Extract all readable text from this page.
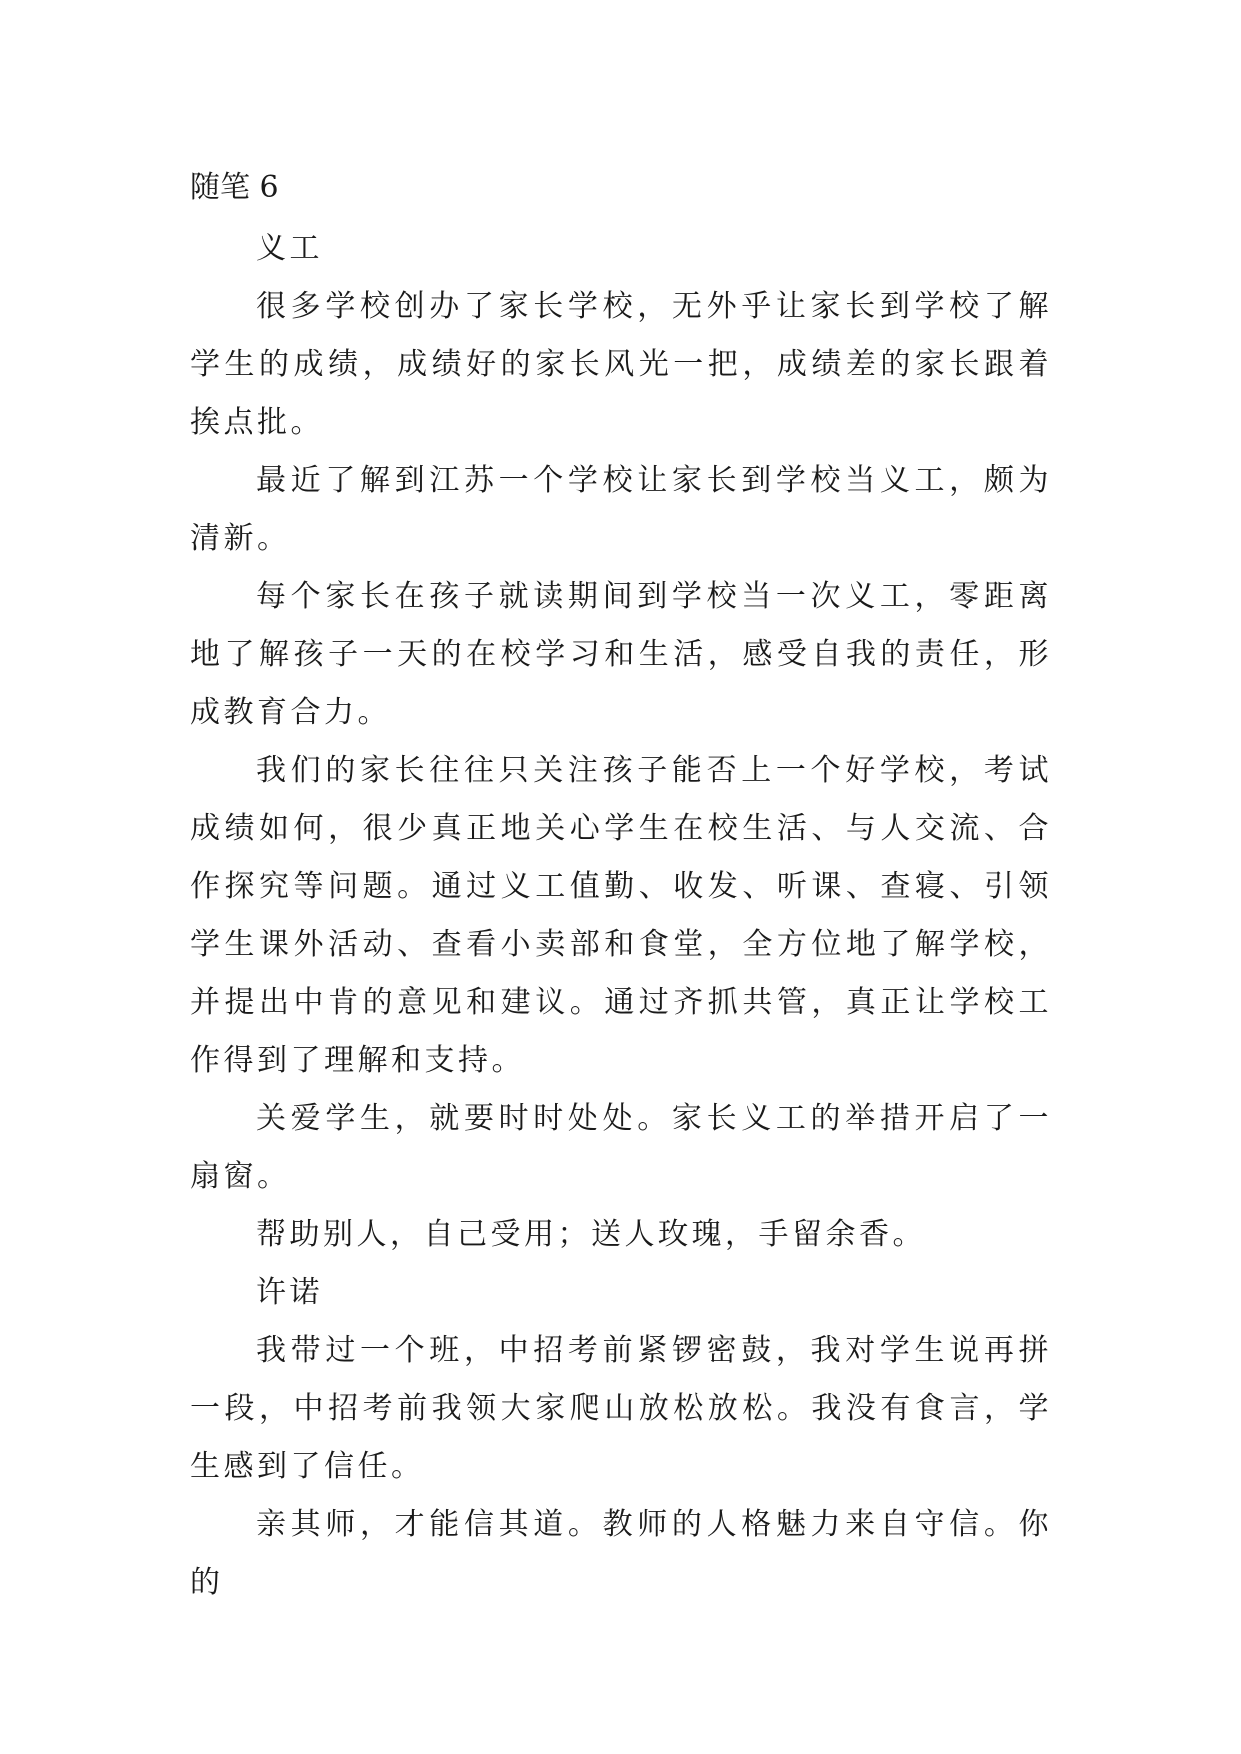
随笔 6

义工

很多学校创办了家长学校，无外乎让家长到学校了解学生的成绩，成绩好的家长风光一把，成绩差的家长跟着挨点批。

最近了解到江苏一个学校让家长到学校当义工，颇为清新。

每个家长在孩子就读期间到学校当一次义工，零距离地了解孩子一天的在校学习和生活，感受自我的责任，形成教育合力。

我们的家长往往只关注孩子能否上一个好学校，考试成绩如何，很少真正地关心学生在校生活、与人交流、合作探究等问题。通过义工值勤、收发、听课、查寝、引领学生课外活动、查看小卖部和食堂，全方位地了解学校，并提出中肯的意见和建议。通过齐抓共管，真正让学校工作得到了理解和支持。

关爱学生，就要时时处处。家长义工的举措开启了一扇窗。

帮助别人，自己受用；送人玫瑰，手留余香。

许诺

我带过一个班，中招考前紧锣密鼓，我对学生说再拼一段，中招考前我领大家爬山放松放松。我没有食言，学生感到了信任。

亲其师，才能信其道。教师的人格魅力来自守信。你的
